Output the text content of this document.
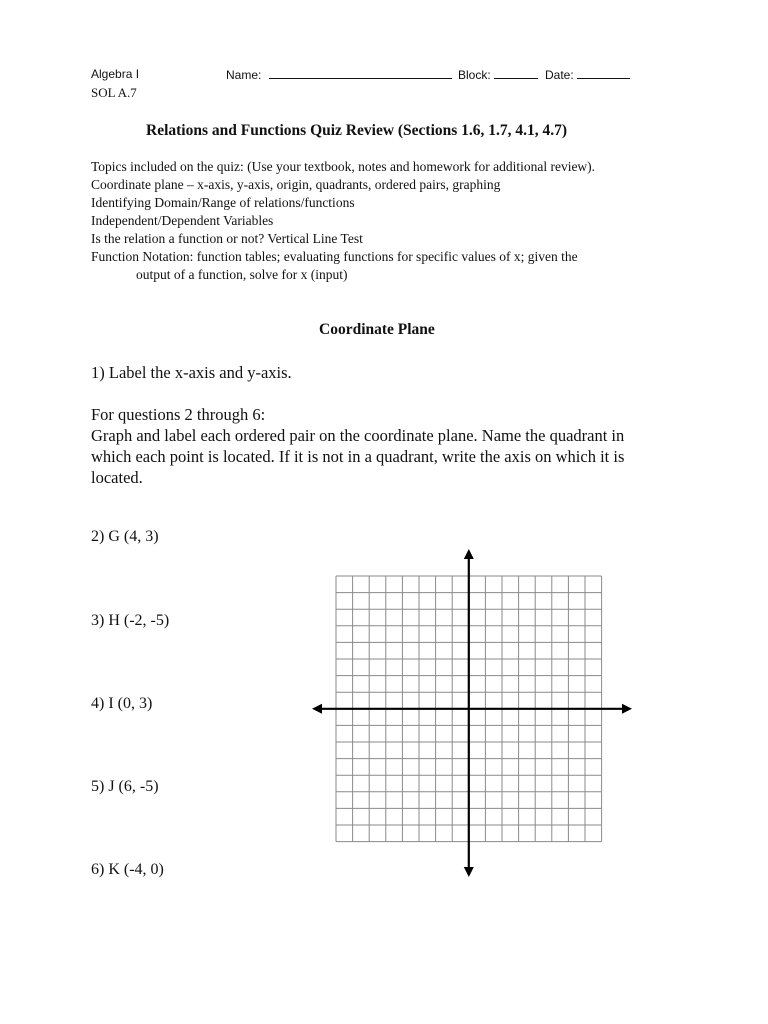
Algebra I
SOL A.7
Name:	Block:	Date:
Relations and Functions Quiz Review (Sections 1.6, 1.7, 4.1, 4.7)
Topics included on the quiz: (Use your textbook, notes and homework for additional review).
Coordinate plane – x-axis, y-axis, origin, quadrants, ordered pairs, graphing
Identifying Domain/Range of relations/functions
Independent/Dependent Variables
Is the relation a function or not? Vertical Line Test
Function Notation: function tables; evaluating functions for specific values of x; given the
output of a function, solve for x (input)
Coordinate Plane
1) Label the x-axis and y-axis.
For questions 2 through 6:
Graph and label each ordered pair on the coordinate plane. Name the quadrant in
which each point is located. If it is not in a quadrant, write the axis on which it is
located.
2) G (4, 3)
3) H (-2, -5)
4) I (0, 3)
5) J (6, -5)
6) K (-4, 0)
